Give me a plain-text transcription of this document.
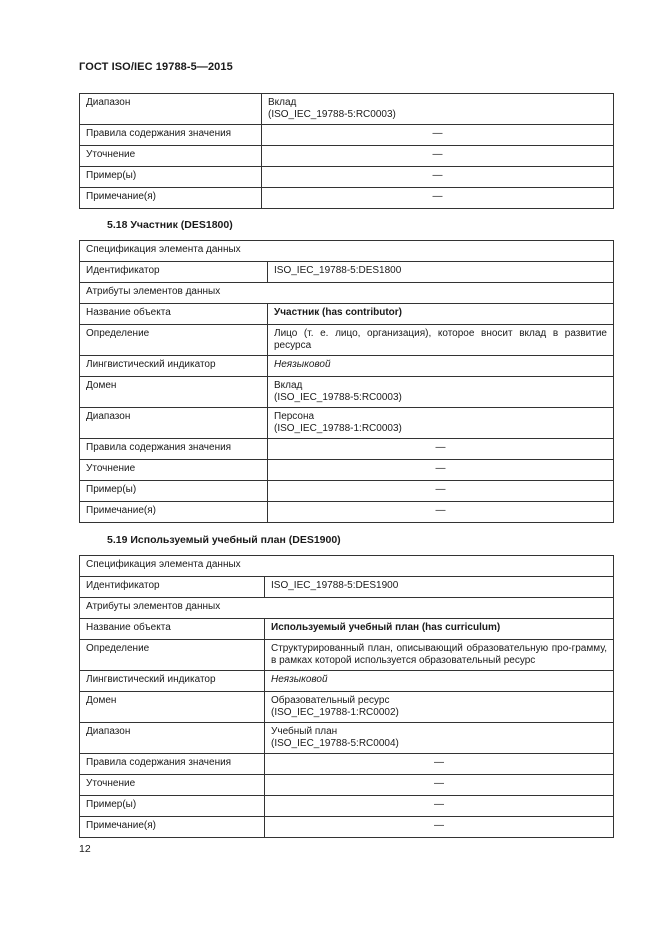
ГОСТ ISO/IEC 19788-5—2015
Диапазон	Вклад
(ISO_IEC_19788-5:RC0003)

Правила содержания значения	—
Уточнение	—
Пример(ы)	—
Примечание(я)	—
5.18 Участник (DES1800)
Спецификация элемента данных	
Идентификатор	ISO_IEC_19788-5:DES1800
Атрибуты элементов данных	
Название объекта	Участник (has contributor)
Определение	Лицо (т. е. лицо, организация), которое вносит вклад в развитие ресурса
Лингвистический индикатор	Неязыковой
Домен	Вклад
(ISO_IEC_19788-5:RC0003)

Диапазон	Персона
(ISO_IEC_19788-1:RC0003)

Правила содержания значения	—
Уточнение	—
Пример(ы)	—
Примечание(я)	—
5.19 Используемый учебный план (DES1900)
Спецификация элемента данных	
Идентификатор	ISO_IEC_19788-5:DES1900
Атрибуты элементов данных	
Название объекта	Используемый учебный план (has curriculum)
Определение	Структурированный план, описывающий образовательную про-грамму, в рамках которой используется образовательный ресурс
Лингвистический индикатор	Неязыковой
Домен	Образовательный ресурс
(ISO_IEC_19788-1:RC0002)

Диапазон	Учебный план
(ISO_IEC_19788-5:RC0004)

Правила содержания значения	—
Уточнение	—
Пример(ы)	—
Примечание(я)	—
12
